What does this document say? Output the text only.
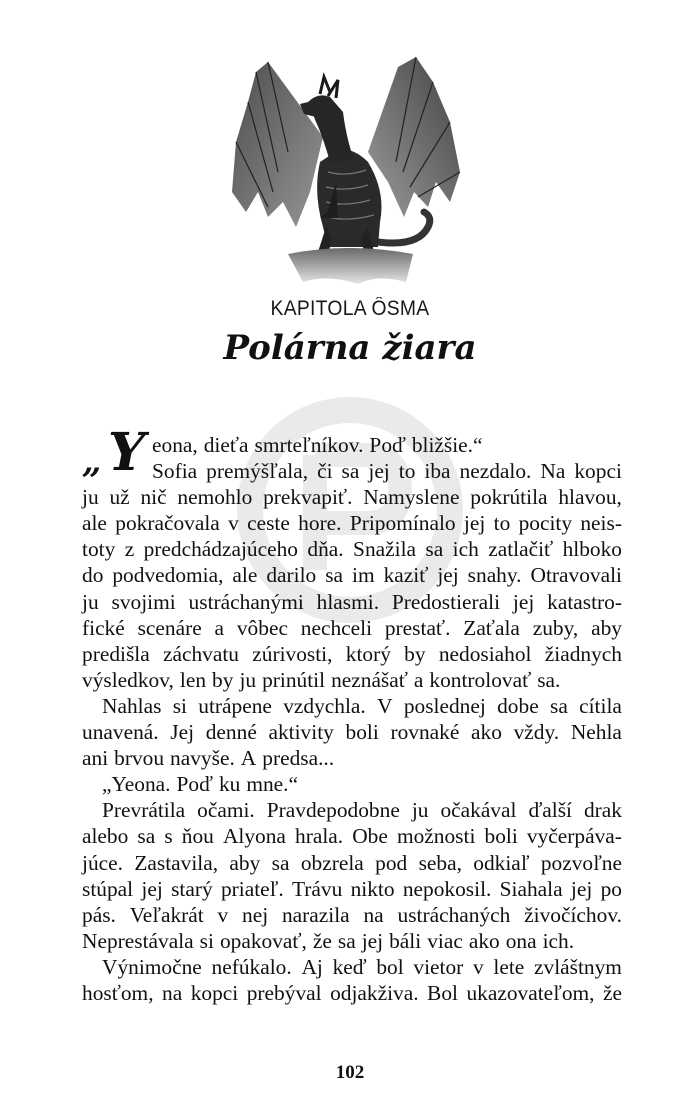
KAPITOLA ÔSMA
Polárna žiara
„ Y eona, dieťa smrteľníkov. Poď bližšie.“
Sofia premýšľala, či sa jej to iba nezdalo. Na kopci
ju už nič nemohlo prekvapiť. Namyslene pokrútila hlavou,
ale pokračovala v ceste hore. Pripomínalo jej to pocity neis-
toty z predchádzajúceho dňa. Snažila sa ich zatlačiť hlboko
do podvedomia, ale darilo sa im kaziť jej snahy. Otravovali
ju svojimi ustráchanými hlasmi. Predostierali jej katastro-
fické scenáre a vôbec nechceli prestať. Zaťala zuby, aby
predišla záchvatu zúrivosti, ktorý by nedosiahol žiadnych
výsledkov, len by ju prinútil neznášať a kontrolovať sa.
Nahlas si utrápene vzdychla. V poslednej dobe sa cítila
unavená. Jej denné aktivity boli rovnaké ako vždy. Nehla
ani brvou navyše. A predsa...
„Yeona. Poď ku mne.“
Prevrátila očami. Pravdepodobne ju očakával ďalší drak
alebo sa s ňou Alyona hrala. Obe možnosti boli vyčerpáva-
júce. Zastavila, aby sa obzrela pod seba, odkiaľ pozvoľne
stúpal jej starý priateľ. Trávu nikto nepokosil. Siahala jej po
pás. Veľakrát v nej narazila na ustráchaných živočíchov.
Neprestávala si opakovať, že sa jej báli viac ako ona ich.
Výnimočne nefúkalo. Aj keď bol vietor v lete zvláštnym
hosťom, na kopci prebýval odjakživa. Bol ukazovateľom, že
102
